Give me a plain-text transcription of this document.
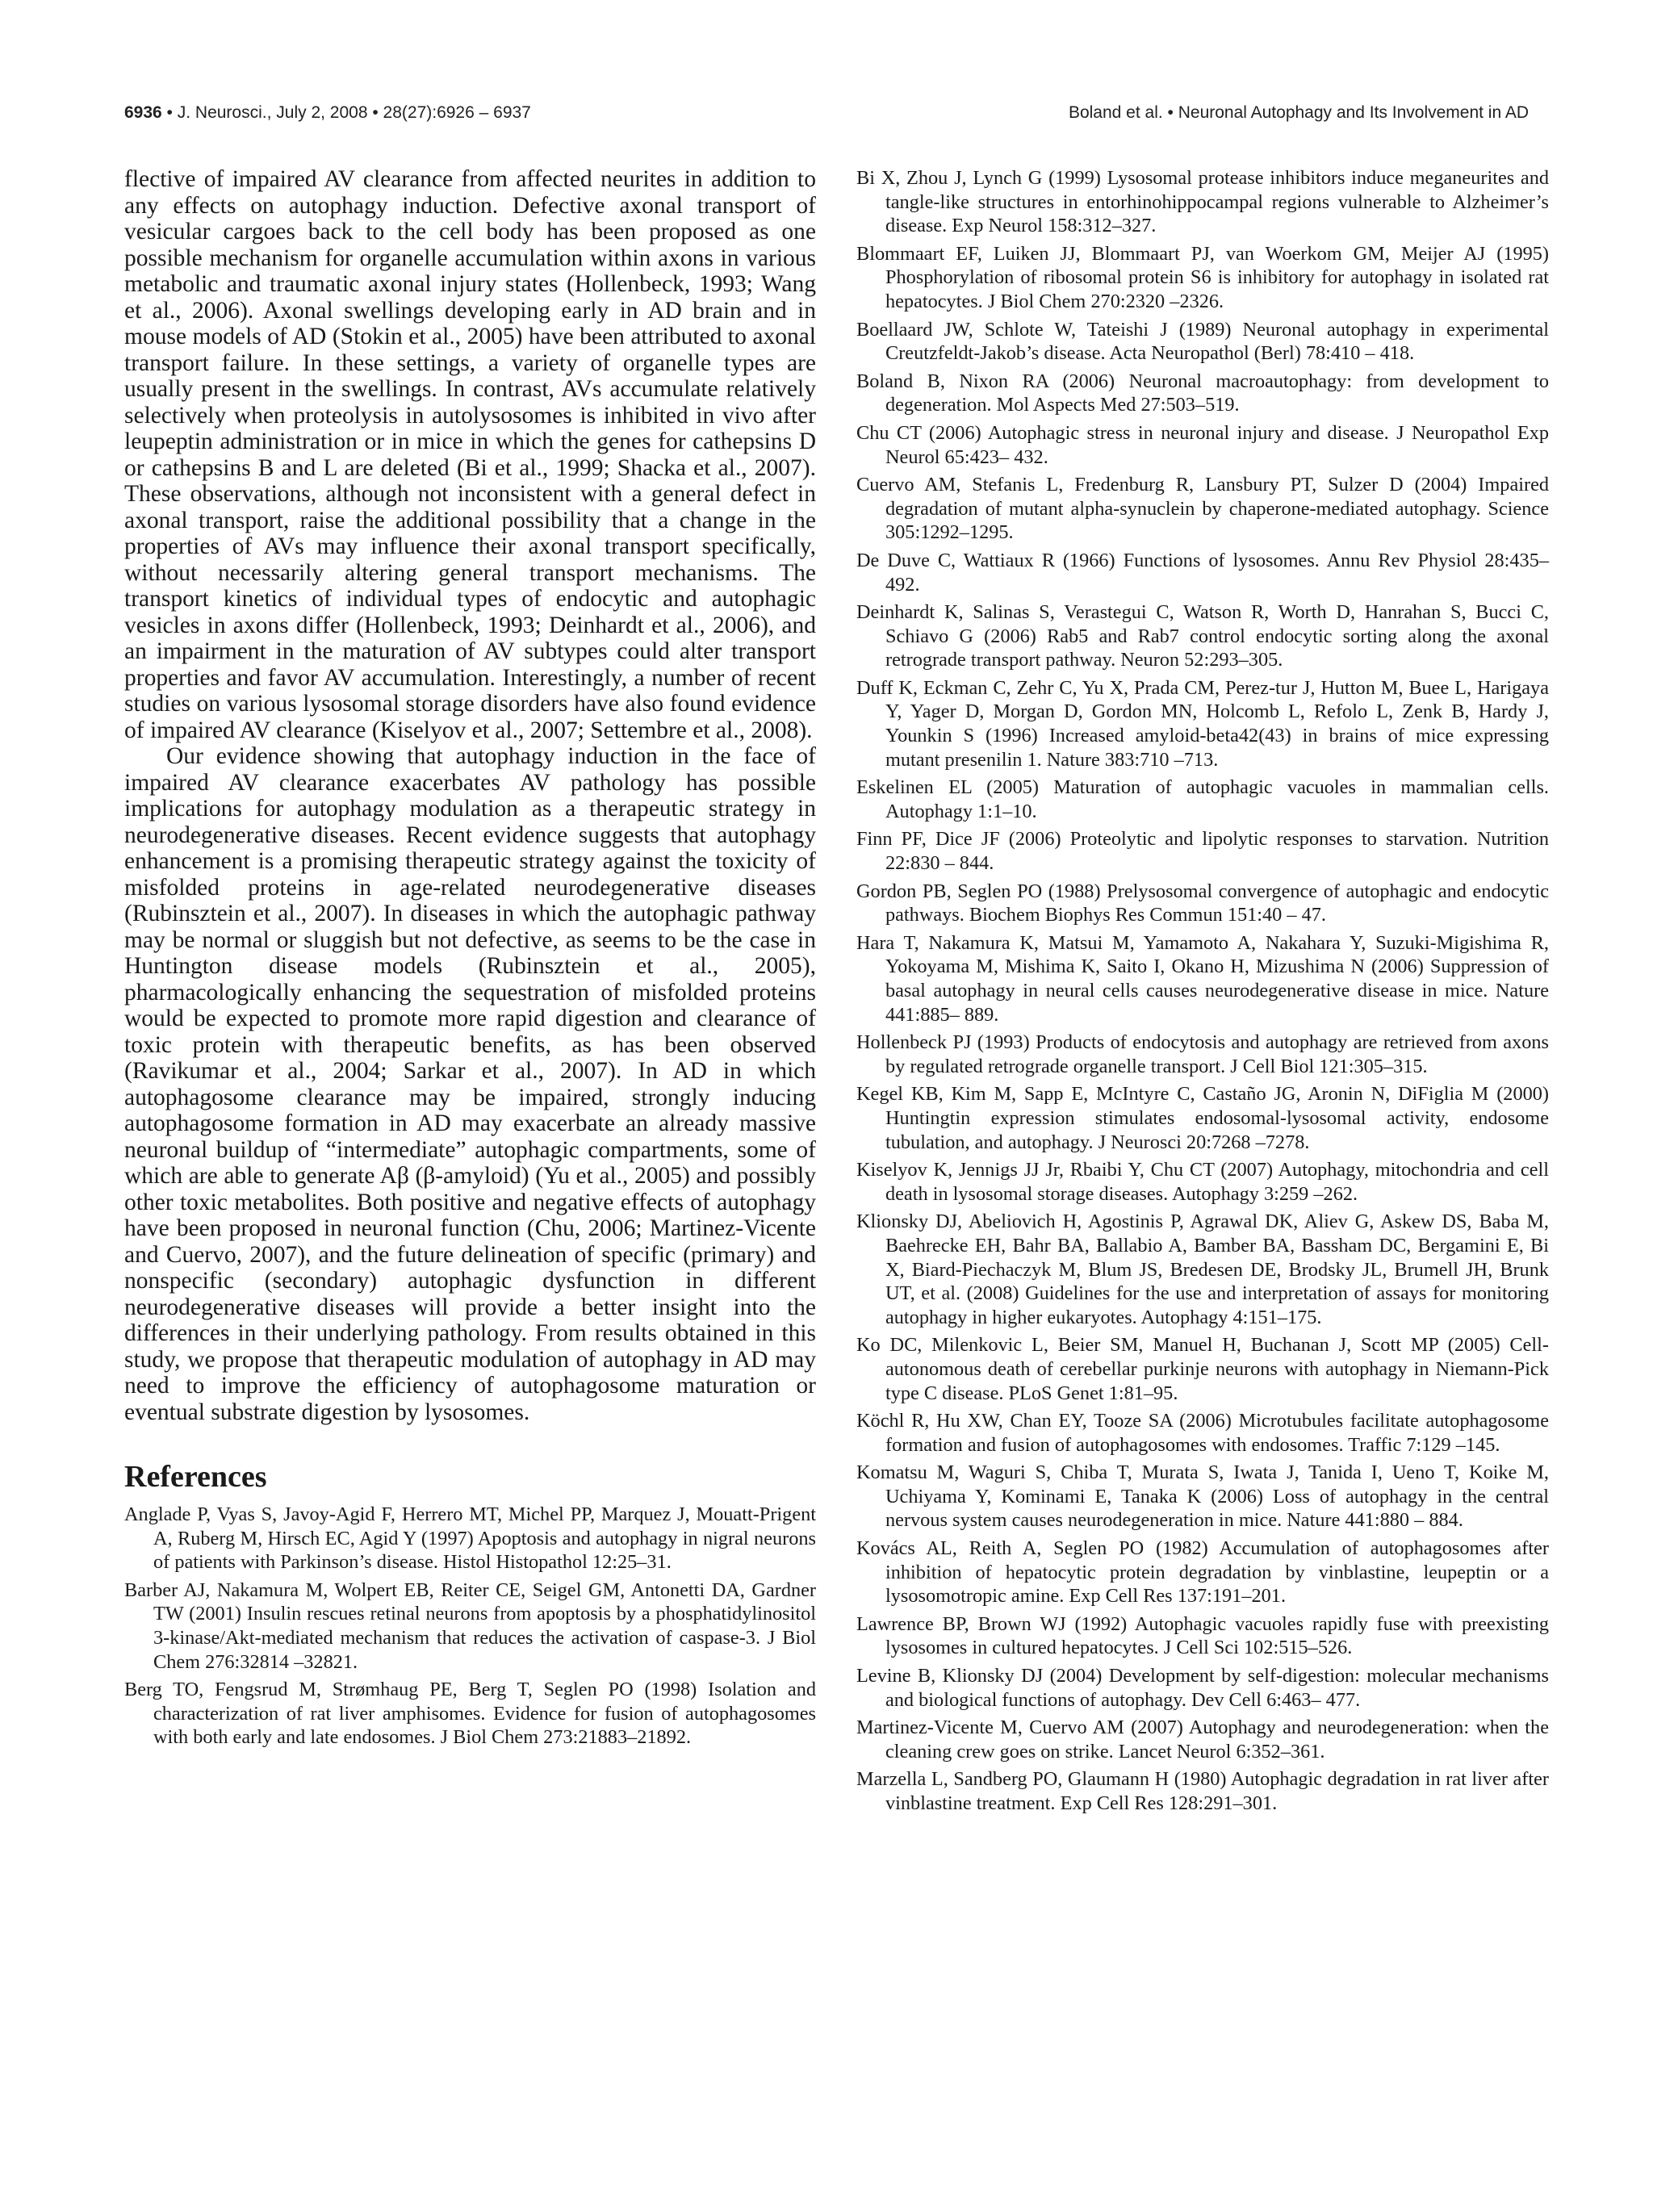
6936 • J. Neurosci., July 2, 2008 • 28(27):6926 – 6937	Boland et al. • Neuronal Autophagy and Its Involvement in AD

flective of impaired AV clearance from affected neurites in addition to any effects on autophagy induction. Defective axonal transport of vesicular cargoes back to the cell body has been proposed as one possible mechanism for organelle accumulation within axons in various metabolic and traumatic axonal injury states (Hollenbeck, 1993; Wang et al., 2006). Axonal swellings developing early in AD brain and in mouse models of AD (Stokin et al., 2005) have been attributed to axonal transport failure. In these settings, a variety of organelle types are usually present in the swellings. In contrast, AVs accumulate relatively selectively when proteolysis in autolysosomes is inhibited in vivo after leupeptin administration or in mice in which the genes for cathepsins D or cathepsins B and L are deleted (Bi et al., 1999; Shacka et al., 2007). These observations, although not inconsistent with a general defect in axonal transport, raise the additional possibility that a change in the properties of AVs may influence their axonal transport specifically, without necessarily altering general transport mechanisms. The transport kinetics of individual types of endocytic and autophagic vesicles in axons differ (Hollenbeck, 1993; Deinhardt et al., 2006), and an impairment in the maturation of AV subtypes could alter transport properties and favor AV accumulation. Interestingly, a number of recent studies on various lysosomal storage disorders have also found evidence of impaired AV clearance (Kiselyov et al., 2007; Settembre et al., 2008).

Our evidence showing that autophagy induction in the face of impaired AV clearance exacerbates AV pathology has possible implications for autophagy modulation as a therapeutic strategy in neurodegenerative diseases. Recent evidence suggests that autophagy enhancement is a promising therapeutic strategy against the toxicity of misfolded proteins in age-related neurodegenerative diseases (Rubinsztein et al., 2007). In diseases in which the autophagic pathway may be normal or sluggish but not defective, as seems to be the case in Huntington disease models (Rubinsztein et al., 2005), pharmacologically enhancing the sequestration of misfolded proteins would be expected to promote more rapid digestion and clearance of toxic protein with therapeutic benefits, as has been observed (Ravikumar et al., 2004; Sarkar et al., 2007). In AD in which autophagosome clearance may be impaired, strongly inducing autophagosome formation in AD may exacerbate an already massive neuronal buildup of “intermediate” autophagic compartments, some of which are able to generate Aβ (β-amyloid) (Yu et al., 2005) and possibly other toxic metabolites. Both positive and negative effects of autophagy have been proposed in neuronal function (Chu, 2006; Martinez-Vicente and Cuervo, 2007), and the future delineation of specific (primary) and nonspecific (secondary) autophagic dysfunction in different neurodegenerative diseases will provide a better insight into the differences in their underlying pathology. From results obtained in this study, we propose that therapeutic modulation of autophagy in AD may need to improve the efficiency of autophagosome maturation or eventual substrate digestion by lysosomes.

References

Anglade P, Vyas S, Javoy-Agid F, Herrero MT, Michel PP, Marquez J, Mouatt-Prigent A, Ruberg M, Hirsch EC, Agid Y (1997) Apoptosis and autophagy in nigral neurons of patients with Parkinson’s disease. Histol Histopathol 12:25–31.

Barber AJ, Nakamura M, Wolpert EB, Reiter CE, Seigel GM, Antonetti DA, Gardner TW (2001) Insulin rescues retinal neurons from apoptosis by a phosphatidylinositol 3-kinase/Akt-mediated mechanism that reduces the activation of caspase-3. J Biol Chem 276:32814 –32821.

Berg TO, Fengsrud M, Strømhaug PE, Berg T, Seglen PO (1998) Isolation and characterization of rat liver amphisomes. Evidence for fusion of autophagosomes with both early and late endosomes. J Biol Chem 273:21883–21892.

Bi X, Zhou J, Lynch G (1999) Lysosomal protease inhibitors induce meganeurites and tangle-like structures in entorhinohippocampal regions vulnerable to Alzheimer’s disease. Exp Neurol 158:312–327.

Blommaart EF, Luiken JJ, Blommaart PJ, van Woerkom GM, Meijer AJ (1995) Phosphorylation of ribosomal protein S6 is inhibitory for autophagy in isolated rat hepatocytes. J Biol Chem 270:2320 –2326.

Boellaard JW, Schlote W, Tateishi J (1989) Neuronal autophagy in experimental Creutzfeldt-Jakob’s disease. Acta Neuropathol (Berl) 78:410 – 418.

Boland B, Nixon RA (2006) Neuronal macroautophagy: from development to degeneration. Mol Aspects Med 27:503–519.

Chu CT (2006) Autophagic stress in neuronal injury and disease. J Neuropathol Exp Neurol 65:423– 432.

Cuervo AM, Stefanis L, Fredenburg R, Lansbury PT, Sulzer D (2004) Impaired degradation of mutant alpha-synuclein by chaperone-mediated autophagy. Science 305:1292–1295.

De Duve C, Wattiaux R (1966) Functions of lysosomes. Annu Rev Physiol 28:435– 492.

Deinhardt K, Salinas S, Verastegui C, Watson R, Worth D, Hanrahan S, Bucci C, Schiavo G (2006) Rab5 and Rab7 control endocytic sorting along the axonal retrograde transport pathway. Neuron 52:293–305.

Duff K, Eckman C, Zehr C, Yu X, Prada CM, Perez-tur J, Hutton M, Buee L, Harigaya Y, Yager D, Morgan D, Gordon MN, Holcomb L, Refolo L, Zenk B, Hardy J, Younkin S (1996) Increased amyloid-beta42(43) in brains of mice expressing mutant presenilin 1. Nature 383:710 –713.

Eskelinen EL (2005) Maturation of autophagic vacuoles in mammalian cells. Autophagy 1:1–10.

Finn PF, Dice JF (2006) Proteolytic and lipolytic responses to starvation. Nutrition 22:830 – 844.

Gordon PB, Seglen PO (1988) Prelysosomal convergence of autophagic and endocytic pathways. Biochem Biophys Res Commun 151:40 – 47.

Hara T, Nakamura K, Matsui M, Yamamoto A, Nakahara Y, Suzuki-Migishima R, Yokoyama M, Mishima K, Saito I, Okano H, Mizushima N (2006) Suppression of basal autophagy in neural cells causes neurodegenerative disease in mice. Nature 441:885– 889.

Hollenbeck PJ (1993) Products of endocytosis and autophagy are retrieved from axons by regulated retrograde organelle transport. J Cell Biol 121:305–315.

Kegel KB, Kim M, Sapp E, McIntyre C, Castaño JG, Aronin N, DiFiglia M (2000) Huntingtin expression stimulates endosomal-lysosomal activity, endosome tubulation, and autophagy. J Neurosci 20:7268 –7278.

Kiselyov K, Jennigs JJ Jr, Rbaibi Y, Chu CT (2007) Autophagy, mitochondria and cell death in lysosomal storage diseases. Autophagy 3:259 –262.

Klionsky DJ, Abeliovich H, Agostinis P, Agrawal DK, Aliev G, Askew DS, Baba M, Baehrecke EH, Bahr BA, Ballabio A, Bamber BA, Bassham DC, Bergamini E, Bi X, Biard-Piechaczyk M, Blum JS, Bredesen DE, Brodsky JL, Brumell JH, Brunk UT, et al. (2008) Guidelines for the use and interpretation of assays for monitoring autophagy in higher eukaryotes. Autophagy 4:151–175.

Ko DC, Milenkovic L, Beier SM, Manuel H, Buchanan J, Scott MP (2005) Cell-autonomous death of cerebellar purkinje neurons with autophagy in Niemann-Pick type C disease. PLoS Genet 1:81–95.

Köchl R, Hu XW, Chan EY, Tooze SA (2006) Microtubules facilitate autophagosome formation and fusion of autophagosomes with endosomes. Traffic 7:129 –145.

Komatsu M, Waguri S, Chiba T, Murata S, Iwata J, Tanida I, Ueno T, Koike M, Uchiyama Y, Kominami E, Tanaka K (2006) Loss of autophagy in the central nervous system causes neurodegeneration in mice. Nature 441:880 – 884.

Kovács AL, Reith A, Seglen PO (1982) Accumulation of autophagosomes after inhibition of hepatocytic protein degradation by vinblastine, leupeptin or a lysosomotropic amine. Exp Cell Res 137:191–201.

Lawrence BP, Brown WJ (1992) Autophagic vacuoles rapidly fuse with preexisting lysosomes in cultured hepatocytes. J Cell Sci 102:515–526.

Levine B, Klionsky DJ (2004) Development by self-digestion: molecular mechanisms and biological functions of autophagy. Dev Cell 6:463– 477.

Martinez-Vicente M, Cuervo AM (2007) Autophagy and neurodegeneration: when the cleaning crew goes on strike. Lancet Neurol 6:352–361.

Marzella L, Sandberg PO, Glaumann H (1980) Autophagic degradation in rat liver after vinblastine treatment. Exp Cell Res 128:291–301.
